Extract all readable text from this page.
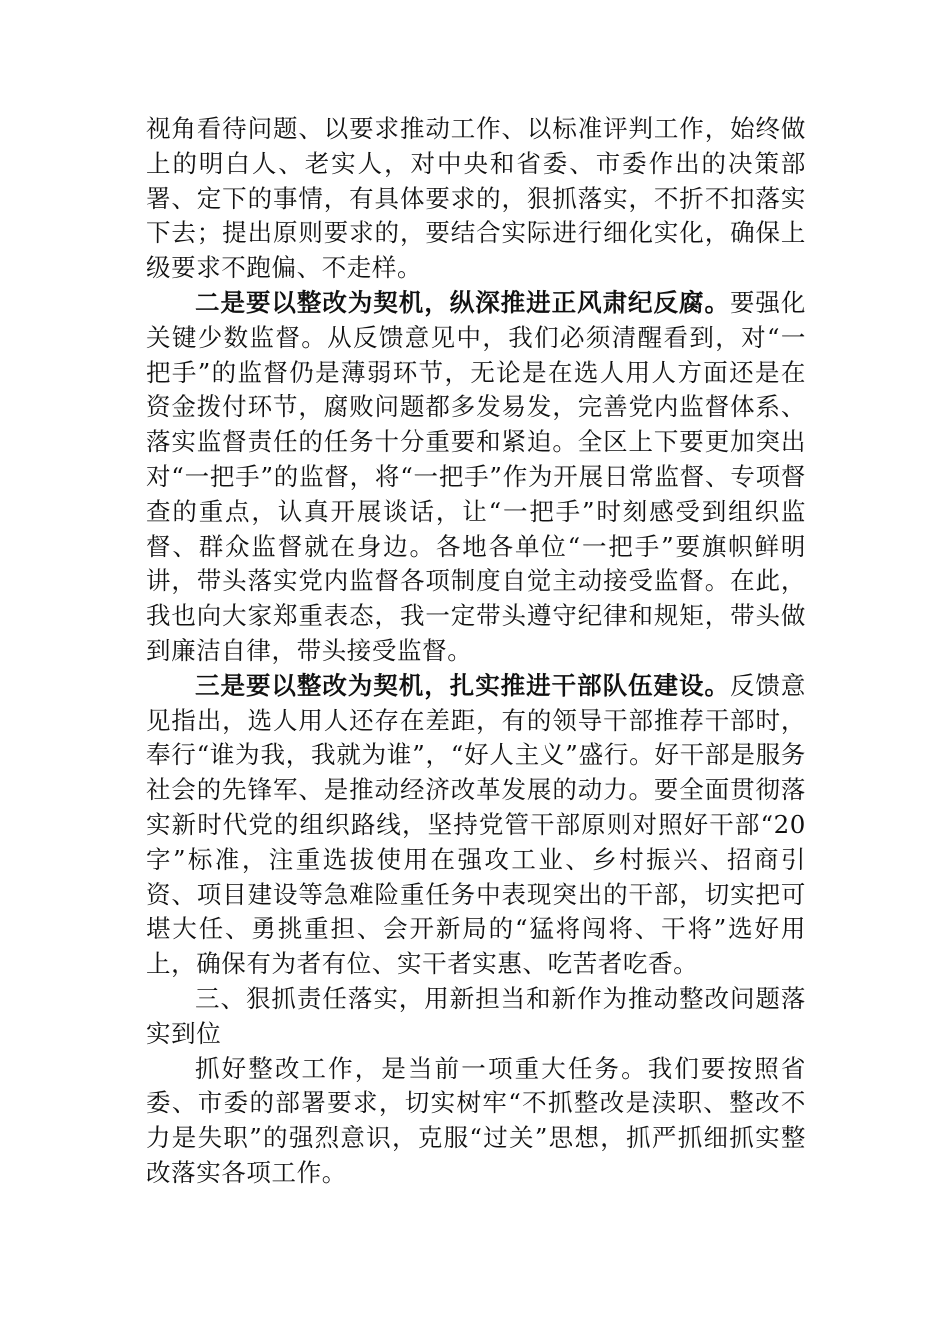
视角看待问题、以要求推动工作、以标准评判工作，始终做上的明白人、老实人，对中央和省委、市委作出的决策部署、定下的事情，有具体要求的，狠抓落实，不折不扣落实下去；提出原则要求的，要结合实际进行细化实化，确保上级要求不跑偏、不走样。

二是要以整改为契机，纵深推进正风肃纪反腐。要强化关键少数监督。从反馈意见中，我们必须清醒看到，对“一把手”的监督仍是薄弱环节，无论是在选人用人方面还是在资金拨付环节，腐败问题都多发易发，完善党内监督体系、落实监督责任的任务十分重要和紧迫。全区上下要更加突出对“一把手”的监督，将“一把手”作为开展日常监督、专项督查的重点，认真开展谈话，让“一把手”时刻感受到组织监督、群众监督就在身边。各地各单位“一把手”要旗帜鲜明讲，带头落实党内监督各项制度自觉主动接受监督。在此，我也向大家郑重表态，我一定带头遵守纪律和规矩，带头做到廉洁自律，带头接受监督。

三是要以整改为契机，扎实推进干部队伍建设。反馈意见指出，选人用人还存在差距，有的领导干部推荐干部时，奉行“谁为我，我就为谁”，“好人主义”盛行。好干部是服务社会的先锋军、是推动经济改革发展的动力。要全面贯彻落实新时代党的组织路线，坚持党管干部原则对照好干部“20字”标准，注重选拔使用在强攻工业、乡村振兴、招商引资、项目建设等急难险重任务中表现突出的干部，切实把可堪大任、勇挑重担、会开新局的“猛将闯将、干将”选好用上，确保有为者有位、实干者实惠、吃苦者吃香。

三、狠抓责任落实，用新担当和新作为推动整改问题落实到位

抓好整改工作，是当前一项重大任务。我们要按照省委、市委的部署要求，切实树牢“不抓整改是渎职、整改不力是失职”的强烈意识，克服“过关”思想，抓严抓细抓实整改落实各项工作。
